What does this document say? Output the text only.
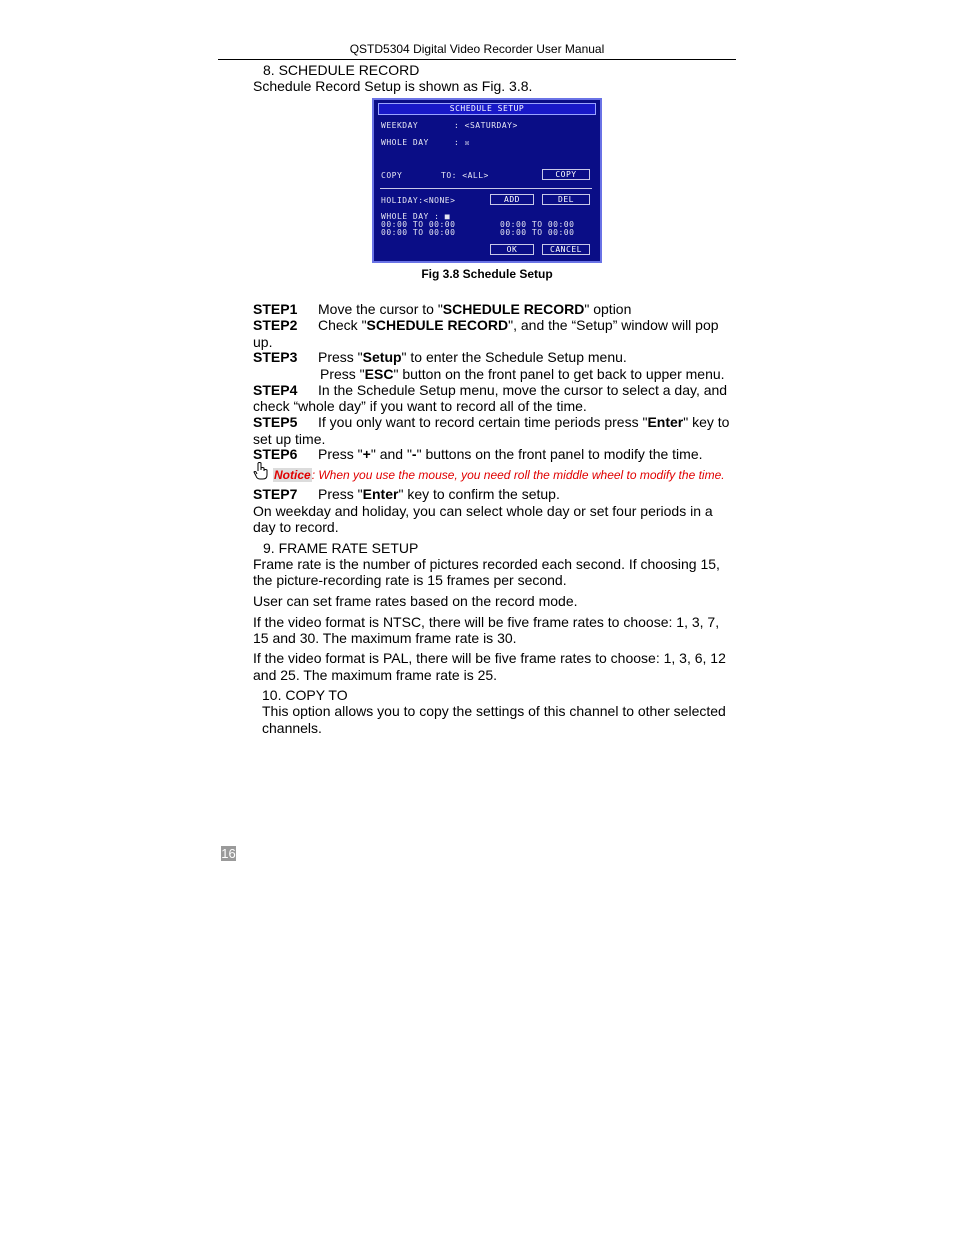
QSTD5304 Digital Video Recorder User Manual
8. SCHEDULE RECORD
Schedule Record Setup is shown as Fig. 3.8.
SCHEDULE SETUP
WEEKDAY	: <SATURDAY>
WHOLE DAY	: ☒
COPY	TO: <ALL>	COPY
HOLIDAY:<NONE>	ADD	DEL
WHOLE DAY : ■
00:00 TO 00:00	00:00 TO 00:00
00:00 TO 00:00	00:00 TO 00:00
OK	CANCEL
Fig 3.8 Schedule Setup
STEP1 Move the cursor to "SCHEDULE RECORD" option
STEP2 Check "SCHEDULE RECORD", and the “Setup” window will pop
up.
STEP3 Press "Setup" to enter the Schedule Setup menu.
Press "ESC" button on the front panel to get back to upper menu.
STEP4 In the Schedule Setup menu, move the cursor to select a day, and
check “whole day” if you want to record all of the time.
STEP5 If you only want to record certain time periods press "Enter" key to
set up time.
STEP6 Press "+" and "-" buttons on the front panel to modify the time.
Notice: When you use the mouse, you need roll the middle wheel to modify the time.
STEP7 Press "Enter" key to confirm the setup.
On weekday and holiday, you can select whole day or set four periods in a
day to record.
9. FRAME RATE SETUP
Frame rate is the number of pictures recorded each second. If choosing 15,
the picture-recording rate is 15 frames per second.
User can set frame rates based on the record mode.
If the video format is NTSC, there will be five frame rates to choose: 1, 3, 7,
15 and 30. The maximum frame rate is 30.
If the video format is PAL, there will be five frame rates to choose: 1, 3, 6, 12
and 25. The maximum frame rate is 25.
10. COPY TO
This option allows you to copy the settings of this channel to other selected
channels.
16
